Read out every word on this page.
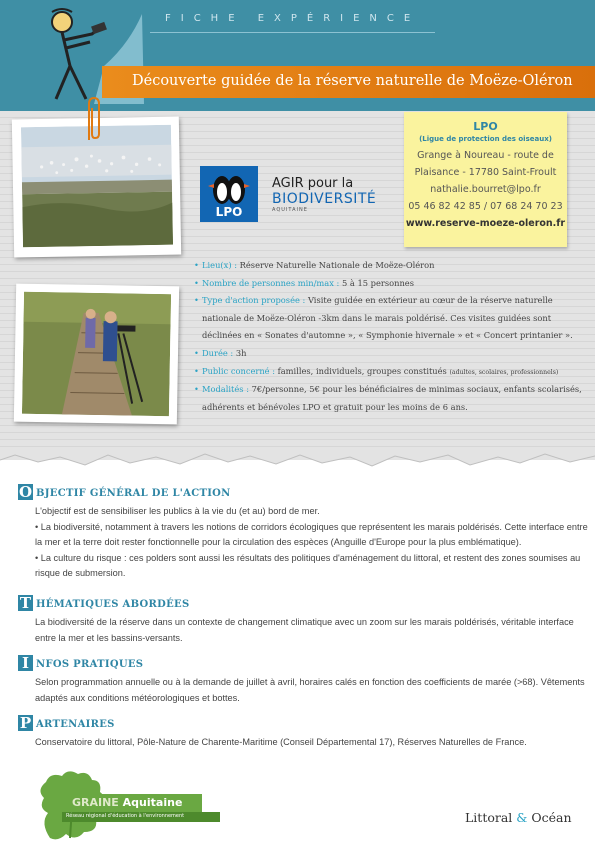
FICHE EXPÉRIENCE
Découverte guidée de la réserve naturelle de Moëze-Oléron
LPO
AGIR pour la
BIODIVERSITÉ
AQUITAINE
LPO
(Ligue de protection des oiseaux)
Grange à Noureau - route de
Plaisance - 17780 Saint-Froult
nathalie.bourret@lpo.fr
05 46 82 42 85 / 07 68 24 70 23
www.reserve-moeze-oleron.fr
• Lieu(x) : Réserve Naturelle Nationale de Moëze-Oléron
• Nombre de personnes min/max : 5 à 15 personnes
• Type d'action proposée : Visite guidée en extérieur au cœur de la réserve naturelle nationale de Moëze-Oléron -3km dans le marais poldérisé. Ces visites guidées sont déclinées en « Sonates d'automne », « Symphonie hivernale » et « Concert printanier ».
• Durée : 3h
• Public concerné : familles, individuels, groupes constitués (adultes, scolaires, professionnels)
• Modalités : 7€/personne, 5€ pour les bénéficiaires de minimas sociaux, enfants scolarisés, adhérents et bénévoles LPO et gratuit pour les moins de 6 ans.
O BJECTIF GÉNÉRAL DE L'ACTION
L'objectif est de sensibiliser les publics à la vie du (et au) bord de mer.
• La biodiversité, notamment à travers les notions de corridors écologiques que représentent les marais poldérisés. Cette interface entre la mer et la terre doit rester fonctionnelle pour la circulation des espèces (Anguille d'Europe pour la plus emblématique).
• La culture du risque : ces polders sont aussi les résultats des politiques d'aménagement du littoral, et restent des zones soumises au risque de submersion.
T HÉMATIQUES ABORDÉES
La biodiversité de la réserve dans un contexte de changement climatique avec un zoom sur les marais poldérisés, véritable interface entre la mer et les bassins-versants.
I NFOS PRATIQUES
Selon programmation annuelle ou à la demande de juillet à avril, horaires calés en fonction des coefficients de marée (>68). Vêtements adaptés aux conditions météorologiques et bottes.
P ARTENAIRES
Conservatoire du littoral, Pôle-Nature de Charente-Maritime (Conseil Départemental 17), Réserves Naturelles de France.
GRAINE Aquitaine
Réseau régional d'éducation à l'environnement	Littoral & Océan
